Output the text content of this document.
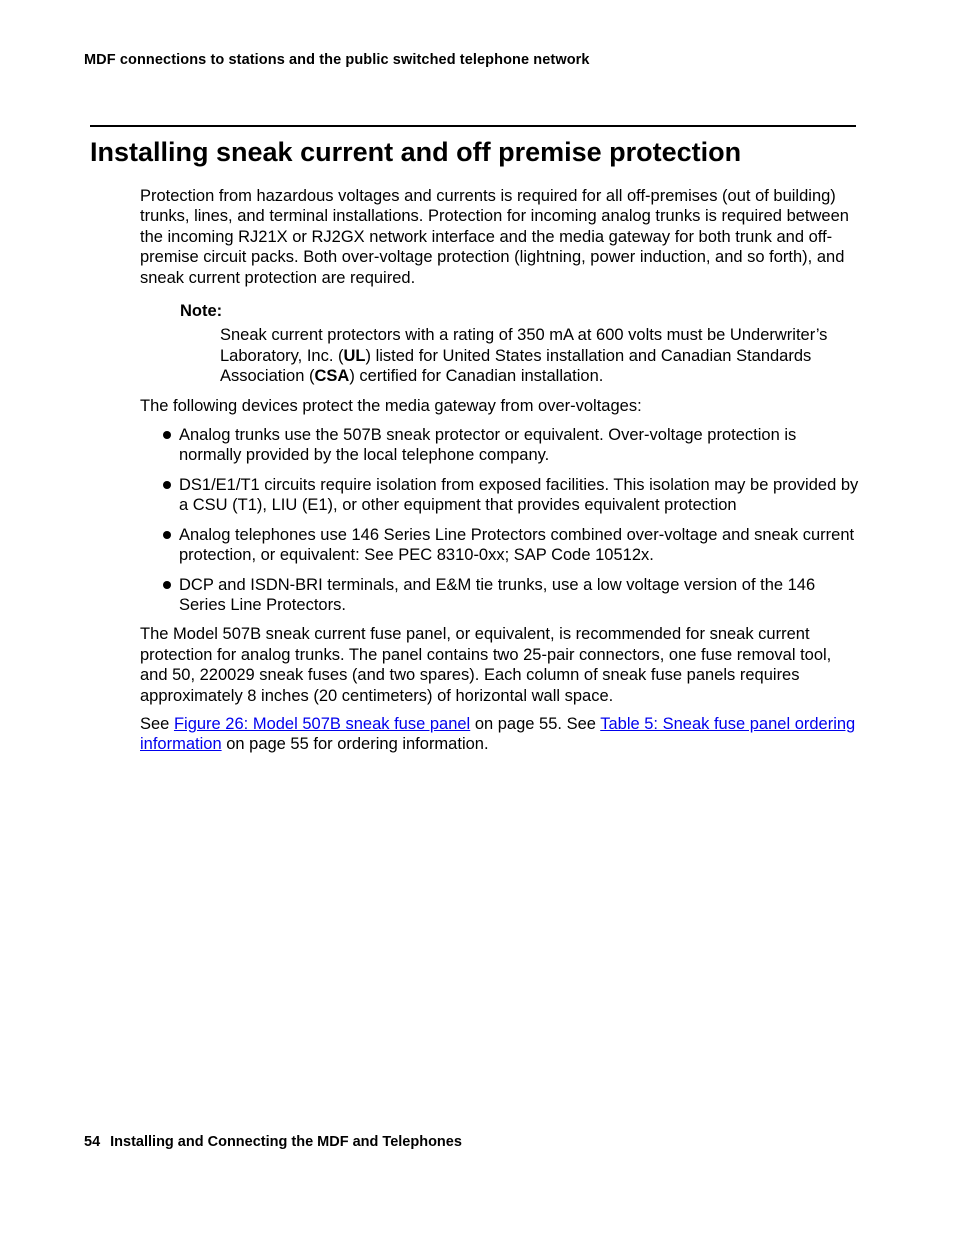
MDF connections to stations and the public switched telephone network
Installing sneak current and off premise protection

Protection from hazardous voltages and currents is required for all off-premises (out of building) trunks, lines, and terminal installations. Protection for incoming analog trunks is required between the incoming RJ21X or RJ2GX network interface and the media gateway for both trunk and off-premise circuit packs. Both over-voltage protection (lightning, power induction, and so forth), and sneak current protection are required.

Note:
Sneak current protectors with a rating of 350 mA at 600 volts must be Underwriter’s Laboratory, Inc. (UL) listed for United States installation and Canadian Standards Association (CSA) certified for Canadian installation.

The following devices protect the media gateway from over-voltages:

Analog trunks use the 507B sneak protector or equivalent. Over-voltage protection is normally provided by the local telephone company.
DS1/E1/T1 circuits require isolation from exposed facilities. This isolation may be provided by a CSU (T1), LIU (E1), or other equipment that provides equivalent protection
Analog telephones use 146 Series Line Protectors combined over-voltage and sneak current protection, or equivalent: See PEC 8310-0xx; SAP Code 10512x.
DCP and ISDN-BRI terminals, and E&M tie trunks, use a low voltage version of the 146 Series Line Protectors.

The Model 507B sneak current fuse panel, or equivalent, is recommended for sneak current protection for analog trunks. The panel contains two 25-pair connectors, one fuse removal tool, and 50, 220029 sneak fuses (and two spares). Each column of sneak fuse panels requires approximately 8 inches (20 centimeters) of horizontal wall space.

See Figure 26: Model 507B sneak fuse panel on page 55. See Table 5: Sneak fuse panel ordering information on page 55 for ordering information.

54 Installing and Connecting the MDF and Telephones
